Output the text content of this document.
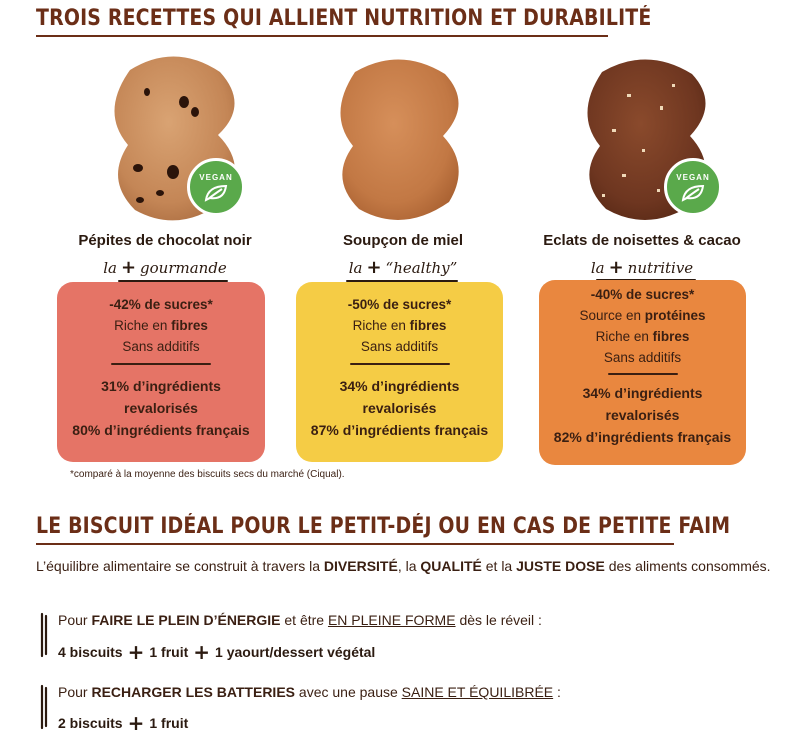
TROIS RECETTES QUI ALLIENT NUTRITION ET DURABILITÉ
VEGAN	VEGAN
Pépites de chocolat noir	Soupçon de miel	Eclats de noisettes & cacao
la + gourmande	la + “healthy”	la + nutritive
-42% de sucres*
Riche en fibres
Sans additifs
31% d’ingrédients
revalorisés
80% d’ingrédients français
-50% de sucres*
Riche en fibres
Sans additifs
34% d’ingrédients
revalorisés
87% d’ingrédients français
-40% de sucres*
Source en protéines
Riche en fibres
Sans additifs
34% d’ingrédients
revalorisés
82% d’ingrédients français
*comparé à la moyenne des biscuits secs du marché (Ciqual).
LE BISCUIT IDÉAL POUR LE PETIT-DÉJ OU EN CAS DE PETITE FAIM
L’équilibre alimentaire se construit à travers la DIVERSITÉ, la QUALITÉ et la JUSTE DOSE des aliments consommés.
Pour FAIRE LE PLEIN D’ÉNERGIE et être EN PLEINE FORME dès le réveil :
4 biscuits + 1 fruit + 1 yaourt/dessert végétal
Pour RECHARGER LES BATTERIES avec une pause SAINE ET ÉQUILIBRÉE :
2 biscuits + 1 fruit
